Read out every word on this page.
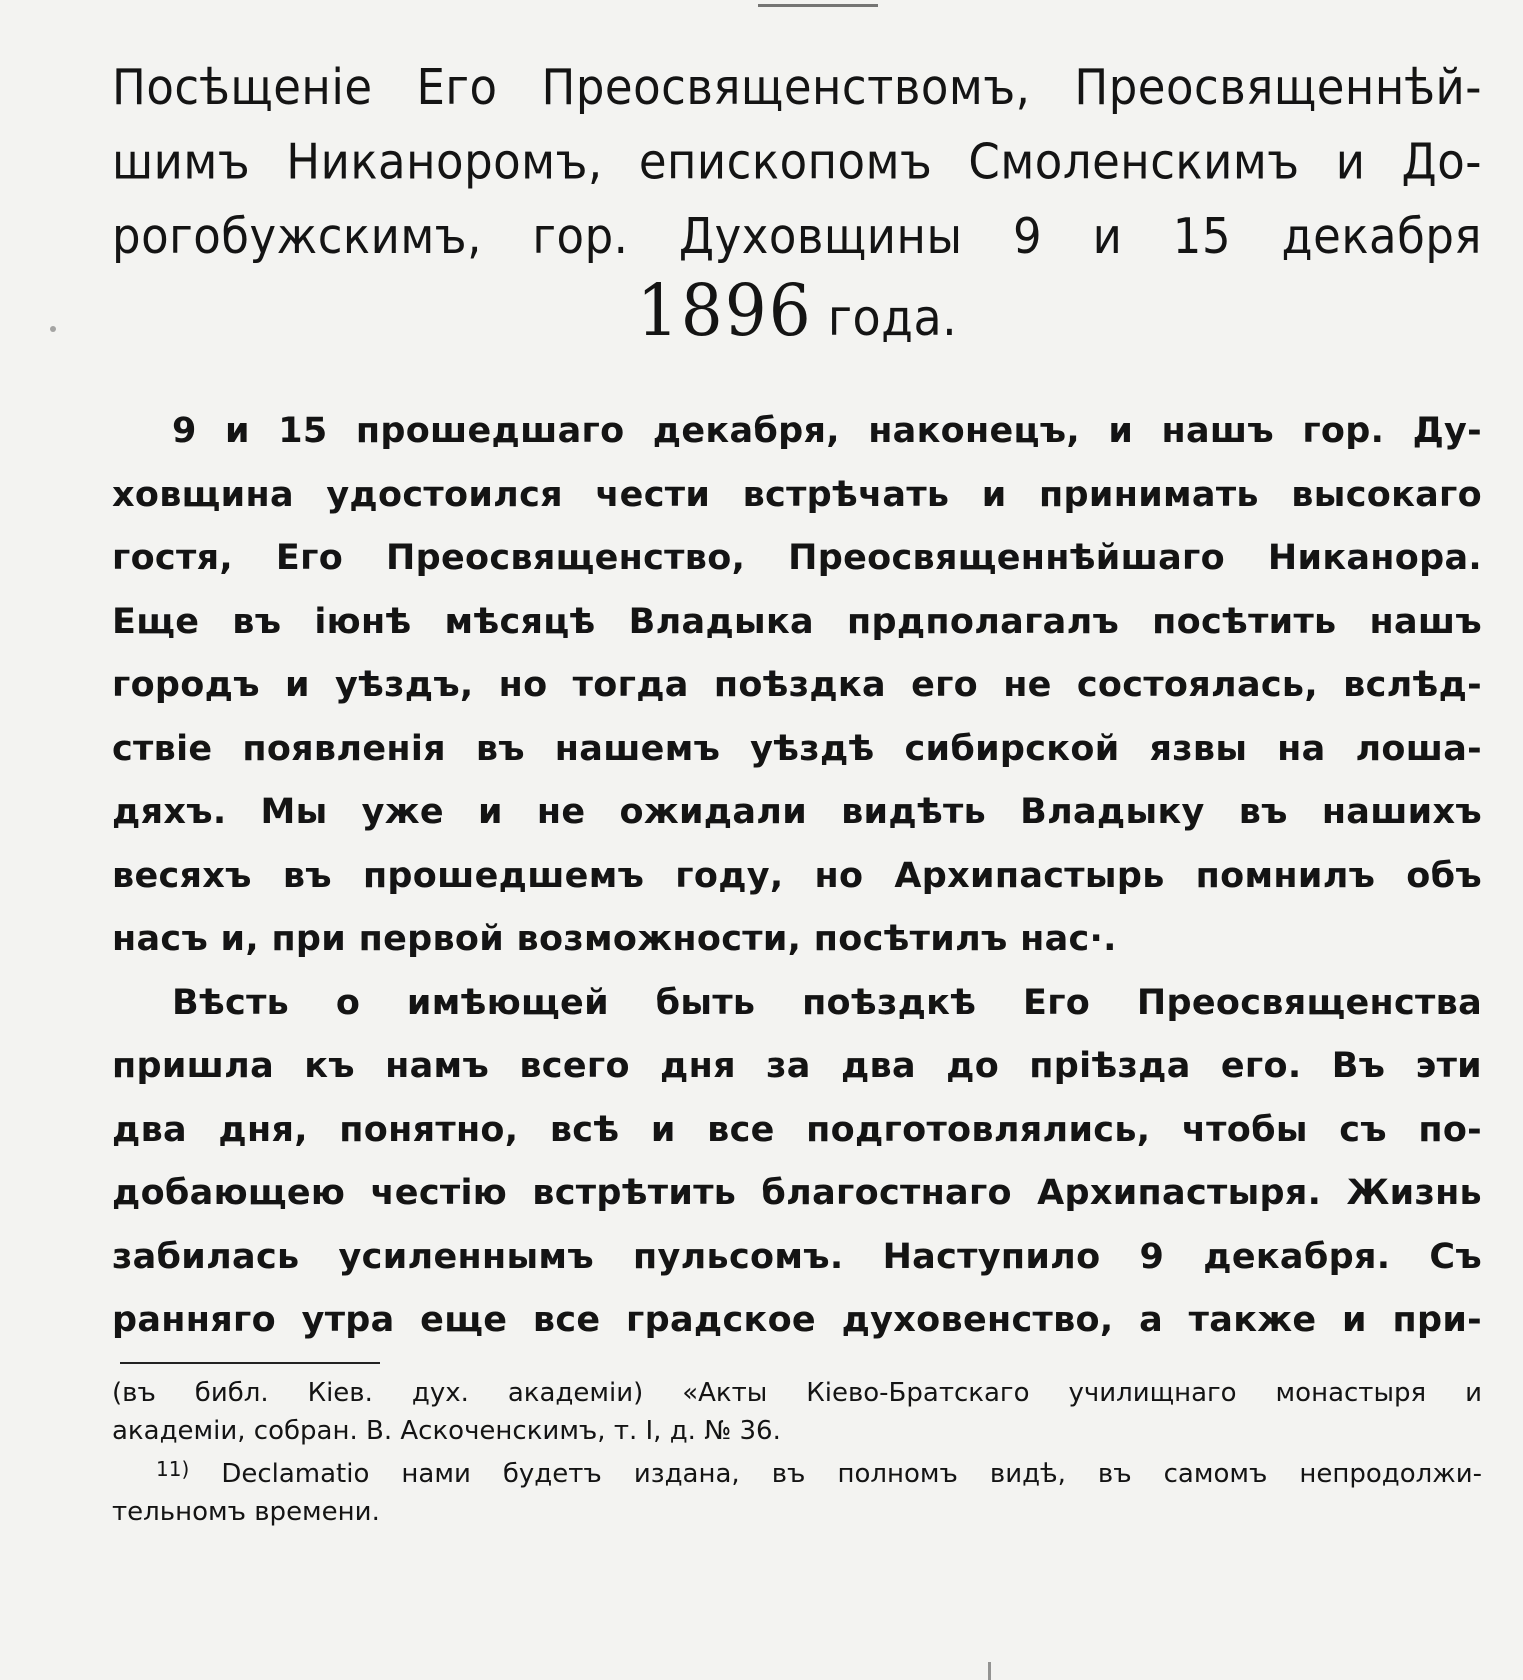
Посѣщеніе Его Преосвященствомъ, Преосвященнѣй-
шимъ Никаноромъ, епископомъ Смоленскимъ и До-
рогобужскимъ, гор. Духовщины 9 и 15 декабря
1896 года.
9 и 15 прошедшаго декабря, наконецъ, и нашъ гор. Ду-
ховщина удостоился чести встрѣчать и принимать высокаго
гостя, Его Преосвященство, Преосвященнѣйшаго Никанора.
Еще въ іюнѣ мѣсяцѣ Владыка прдполагалъ посѣтить нашъ
городъ и уѣздъ, но тогда поѣздка его не состоялась, вслѣд-
ствіе появленія въ нашемъ уѣздѣ сибирской язвы на лоша-
дяхъ. Мы уже и не ожидали видѣть Владыку въ нашихъ
весяхъ въ прошедшемъ году, но Архипастырь помнилъ объ
насъ и, при первой возможности, посѣтилъ нас·.
Вѣсть о имѣющей быть поѣздкѣ Его Преосвященства
пришла къ намъ всего дня за два до пріѣзда его. Въ эти
два дня, понятно, всѣ и все подготовлялись, чтобы съ по-
добающею честію встрѣтить благостнаго Архипастыря. Жизнь
забилась усиленнымъ пульсомъ. Наступило 9 декабря. Съ
ранняго утра еще все градское духовенство, а также и при-
(въ библ. Кіев. дух. академіи) «Акты Кіево-Братскаго училищнаго монастыря и
академіи, собран. В. Аскоченскимъ, т. I, д. № 36.
$^{11)}$ Declamatio нами будетъ издана, въ полномъ видѣ, въ самомъ непродолжи-
тельномъ времени.
